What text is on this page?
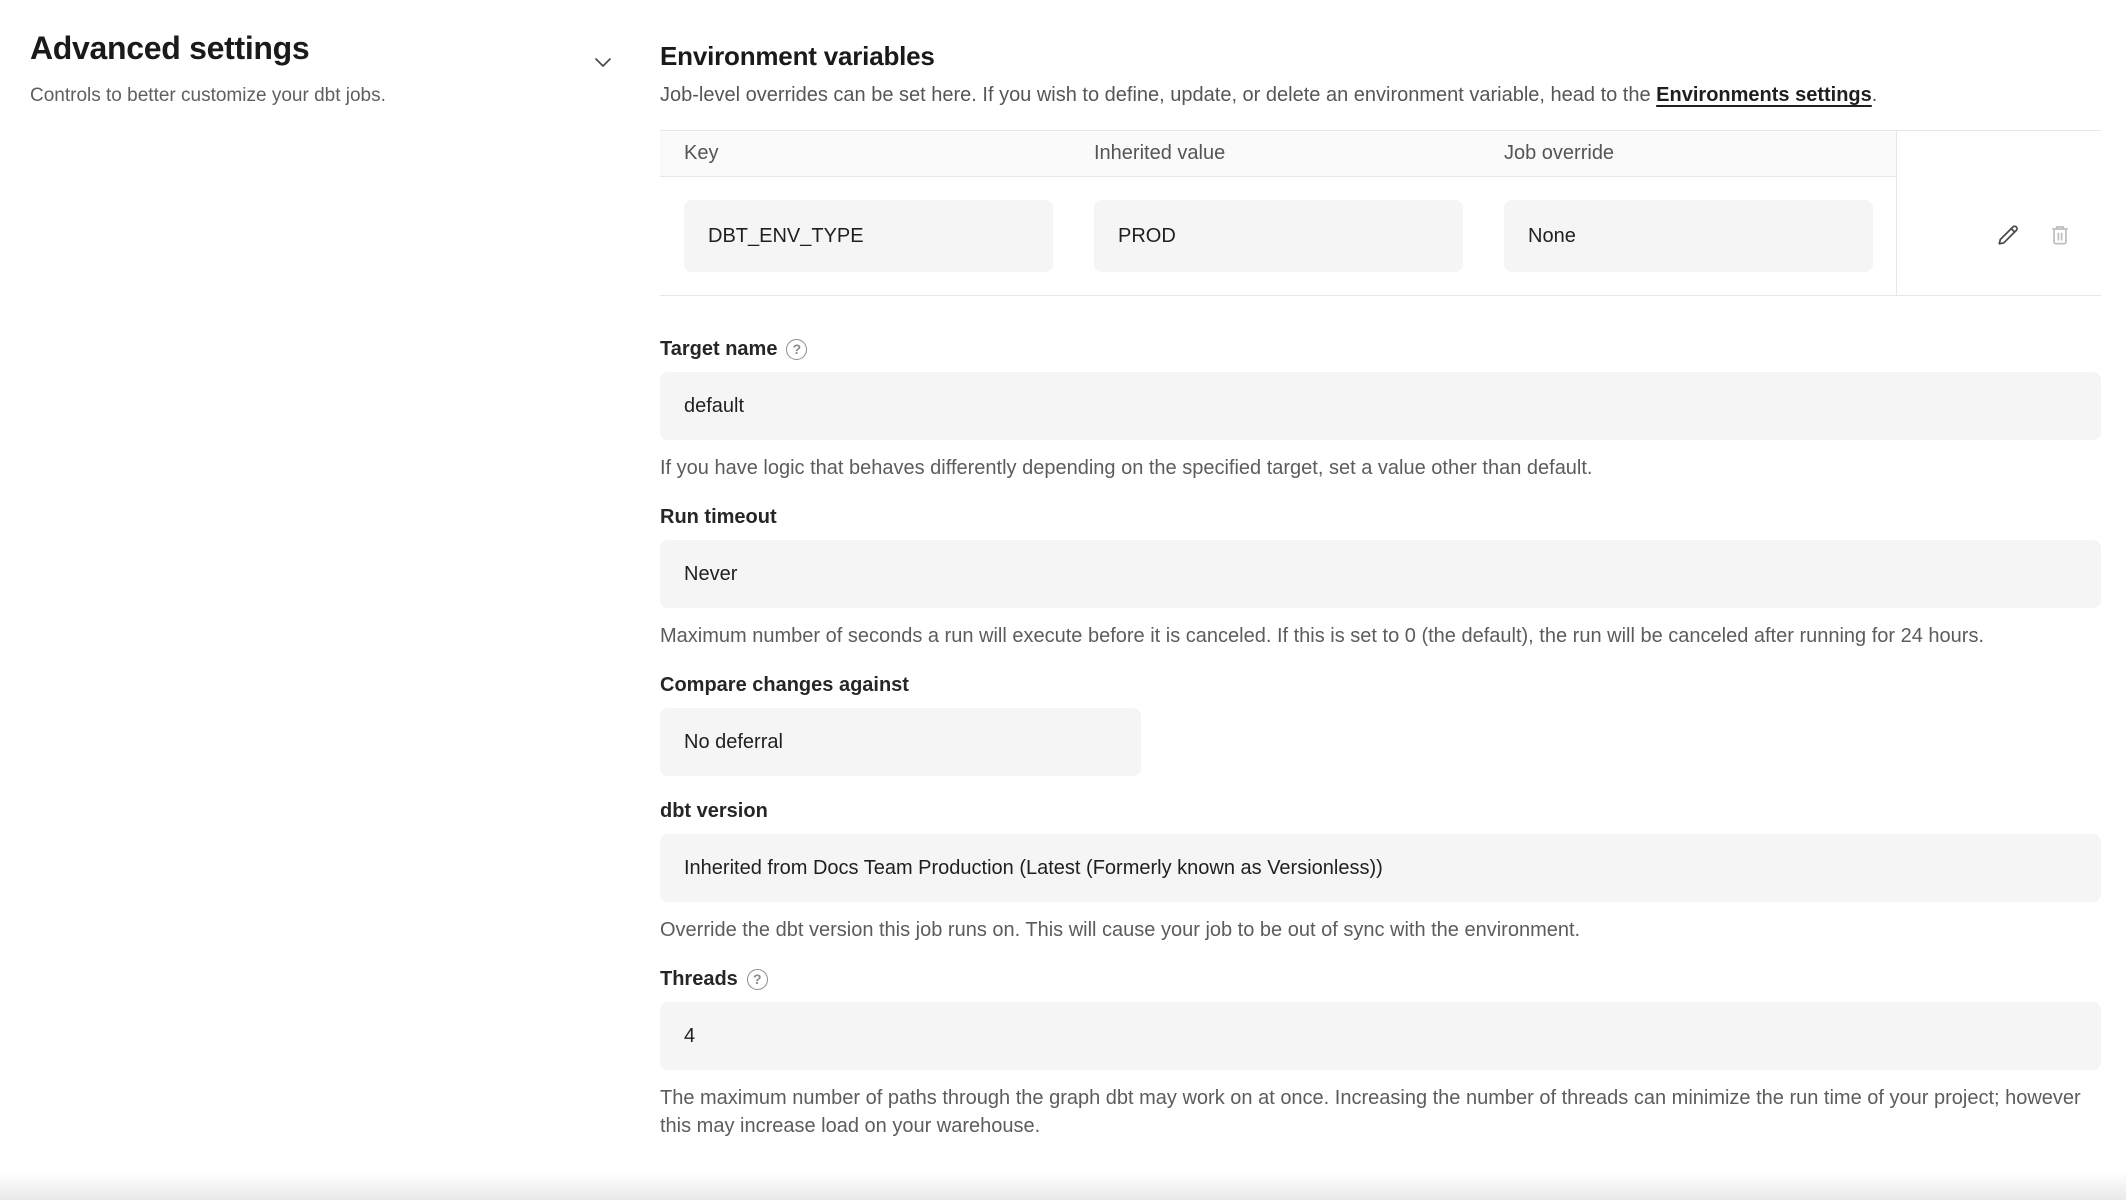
Advanced settings

Controls to better customize your dbt jobs.

Environment variables

Job-level overrides can be set here. If you wish to define, update, or delete an environment variable, head to the Environments settings.

Key	Inherited value	Job override
DBT_ENV_TYPE	PROD	None
Target name	?
default

If you have logic that behaves differently depending on the specified target, set a value other than default.

Run timeout
Never

Maximum number of seconds a run will execute before it is canceled. If this is set to 0 (the default), the run will be canceled after running for 24 hours.

Compare changes against
No deferral
dbt version
Inherited from Docs Team Production (Latest (Formerly known as Versionless))

Override the dbt version this job runs on. This will cause your job to be out of sync with the environment.

Threads	?
4

The maximum number of paths through the graph dbt may work on at once. Increasing the number of threads can minimize the run time of your project; however this may increase load on your warehouse.
